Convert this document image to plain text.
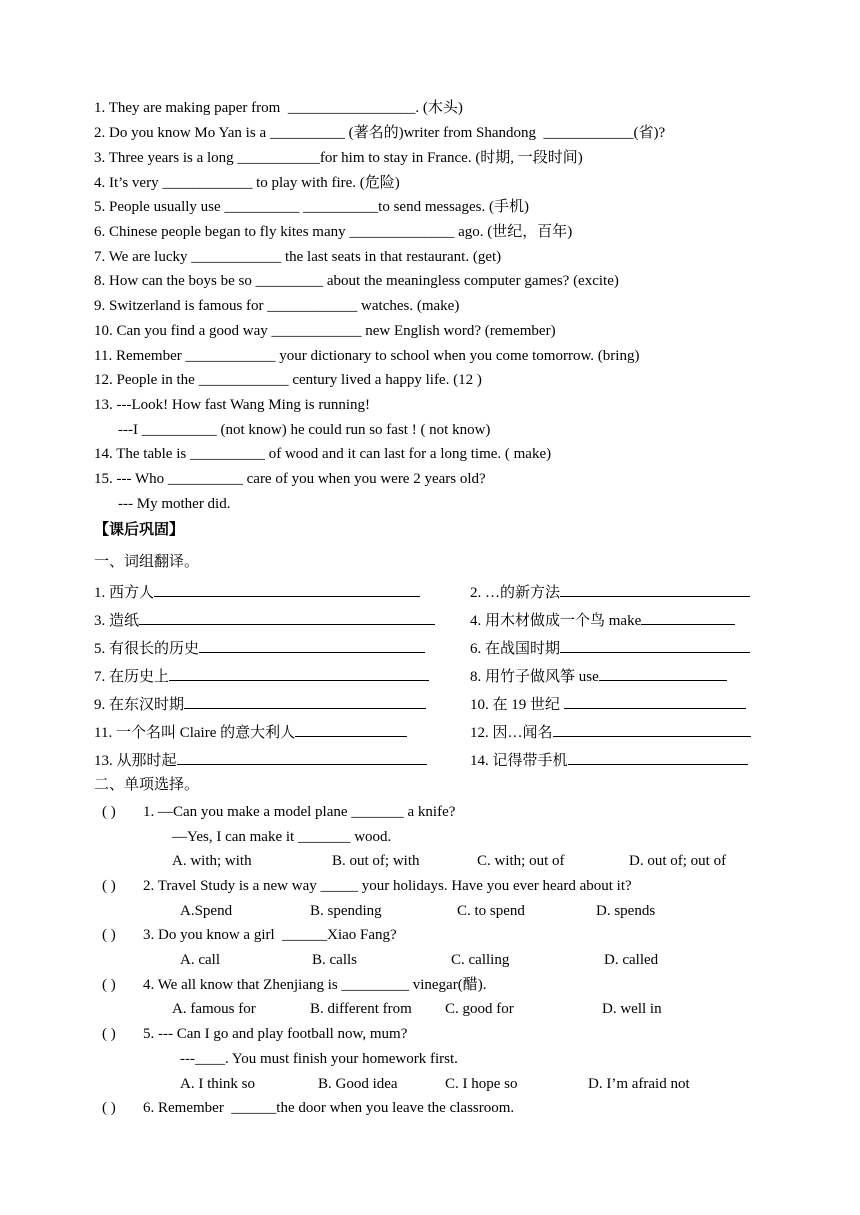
1. They are making paper from  _________________. (木头)
2. Do you know Mo Yan is a __________ (著名的)writer from Shandong  ____________(省)?
3. Three years is a long ___________for him to stay in France. (时期, 一段时间)
4. It’s very ____________ to play with fire. (危险)
5. People usually use __________ __________to send messages. (手机)
6. Chinese people began to fly kites many ______________ ago. (世纪，百年)
7. We are lucky ____________ the last seats in that restaurant. (get)
8. How can the boys be so _________ about the meaningless computer games? (excite)
9. Switzerland is famous for ____________ watches. (make)
10. Can you find a good way ____________ new English word? (remember)
11. Remember ____________ your dictionary to school when you come tomorrow. (bring)
12. People in the ____________ century lived a happy life. (12 )
13. ---Look! How fast Wang Ming is running!
---I __________ (not know) he could run so fast ! ( not know)
14. The table is __________ of wood and it can last for a long time. ( make)
15. --- Who __________ care of you when you were 2 years old?
--- My mother did.
【课后巩固】
一、词组翻译。
1. 西方人	2. …的新方法
3. 造纸	4. 用木材做成一个鸟 make
5. 有很长的历史	6. 在战国时期
7. 在历史上	8. 用竹子做风筝 use
9. 在东汉时期	10. 在 19 世纪
11. 一个名叫 Claire 的意大利人	12. 因…闻名
13. 从那时起	14. 记得带手机
二、单项选择。
( ) 1. —Can you make a model plane _______ a knife?
—Yes, I can make it _______ wood.
A. with; with	B. out of; with	C. with; out of	D. out of; out of
( ) 2. Travel Study is a new way _____ your holidays. Have you ever heard about it?
A.Spend	B. spending	C. to spend	D. spends
( ) 3. Do you know a girl  ______Xiao Fang?
A. call	B. calls	C. calling	D. called
( ) 4. We all know that Zhenjiang is _________ vinegar(醋).
A. famous for	B. different from C. good for	D. well in
( ) 5. --- Can I go and play football now, mum?
---____. You must finish your homework first.
A. I think so	B. Good idea	C. I hope so	D. I’m afraid not
( ) 6. Remember  ______the door when you leave the classroom.
